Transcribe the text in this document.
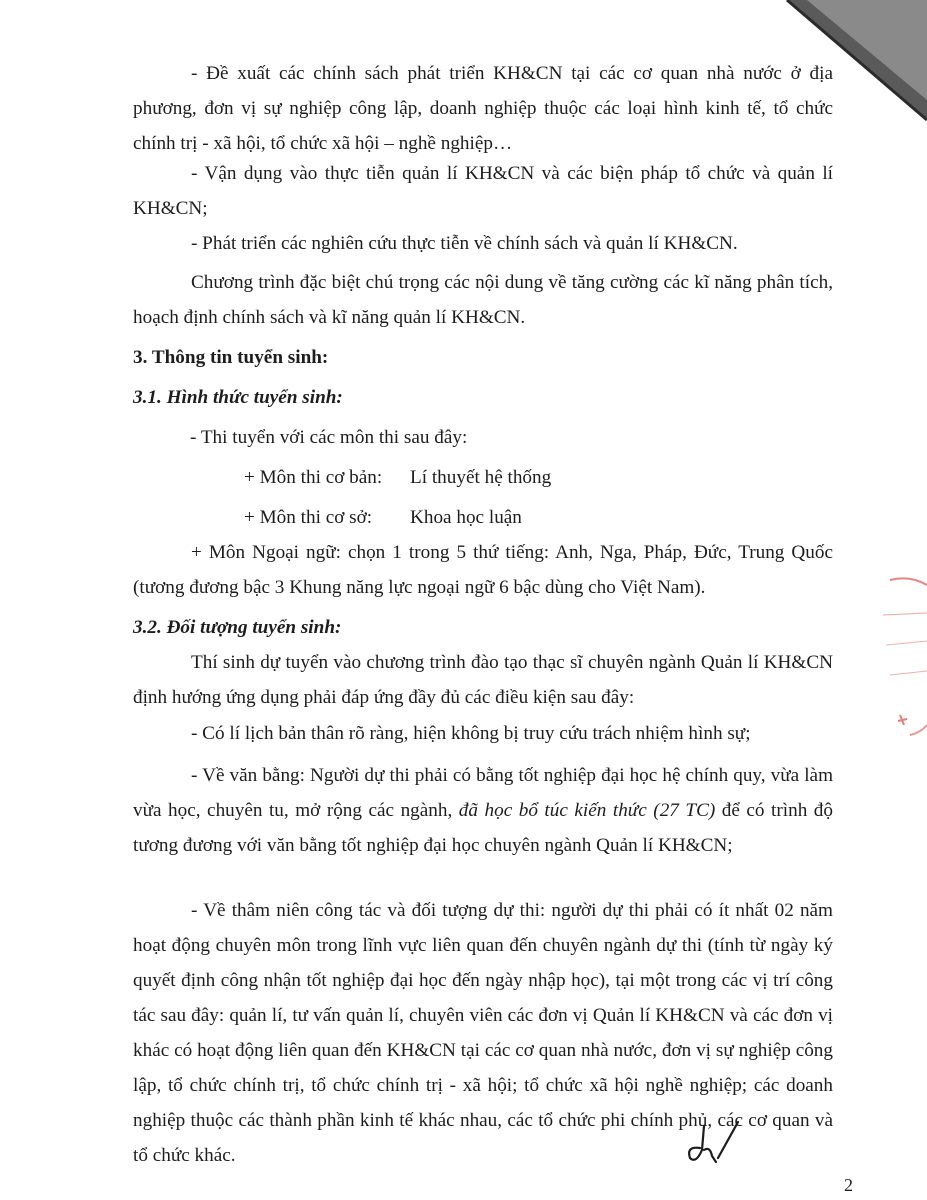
- Đề xuất các chính sách phát triển KH&CN tại các cơ quan nhà nước ở địa phương, đơn vị sự nghiệp công lập, doanh nghiệp thuộc các loại hình kinh tế, tổ chức chính trị - xã hội, tổ chức xã hội – nghề nghiệp…

- Vận dụng vào thực tiễn quản lí KH&CN và các biện pháp tổ chức và quản lí KH&CN;

- Phát triển các nghiên cứu thực tiễn về chính sách và quản lí KH&CN.

Chương trình đặc biệt chú trọng các nội dung về tăng cường các kĩ năng phân tích, hoạch định chính sách và kĩ năng quản lí KH&CN.

3. Thông tin tuyển sinh:
3.1. Hình thức tuyển sinh:
- Thi tuyển với các môn thi sau đây:
+ Môn thi cơ bản: Lí thuyết hệ thống
+ Môn thi cơ sở: Khoa học luận

+ Môn Ngoại ngữ: chọn 1 trong 5 thứ tiếng: Anh, Nga, Pháp, Đức, Trung Quốc (tương đương bậc 3 Khung năng lực ngoại ngữ 6 bậc dùng cho Việt Nam).

3.2. Đối tượng tuyển sinh:

Thí sinh dự tuyển vào chương trình đào tạo thạc sĩ chuyên ngành Quản lí KH&CN định hướng ứng dụng phải đáp ứng đầy đủ các điều kiện sau đây:

- Có lí lịch bản thân rõ ràng, hiện không bị truy cứu trách nhiệm hình sự;

- Về văn bằng: Người dự thi phải có bằng tốt nghiệp đại học hệ chính quy, vừa làm vừa học, chuyên tu, mở rộng các ngành, đã học bổ túc kiến thức (27 TC) để có trình độ tương đương với văn bằng tốt nghiệp đại học chuyên ngành Quản lí KH&CN;

- Về thâm niên công tác và đối tượng dự thi: người dự thi phải có ít nhất 02 năm hoạt động chuyên môn trong lĩnh vực liên quan đến chuyên ngành dự thi (tính từ ngày ký quyết định công nhận tốt nghiệp đại học đến ngày nhập học), tại một trong các vị trí công tác sau đây: quản lí, tư vấn quản lí, chuyên viên các đơn vị Quản lí KH&CN và các đơn vị khác có hoạt động liên quan đến KH&CN tại các cơ quan nhà nước, đơn vị sự nghiệp công lập, tổ chức chính trị, tổ chức chính trị - xã hội; tổ chức xã hội nghề nghiệp; các doanh nghiệp thuộc các thành phần kinh tế khác nhau, các tổ chức phi chính phủ, các cơ quan và tổ chức khác.

2
